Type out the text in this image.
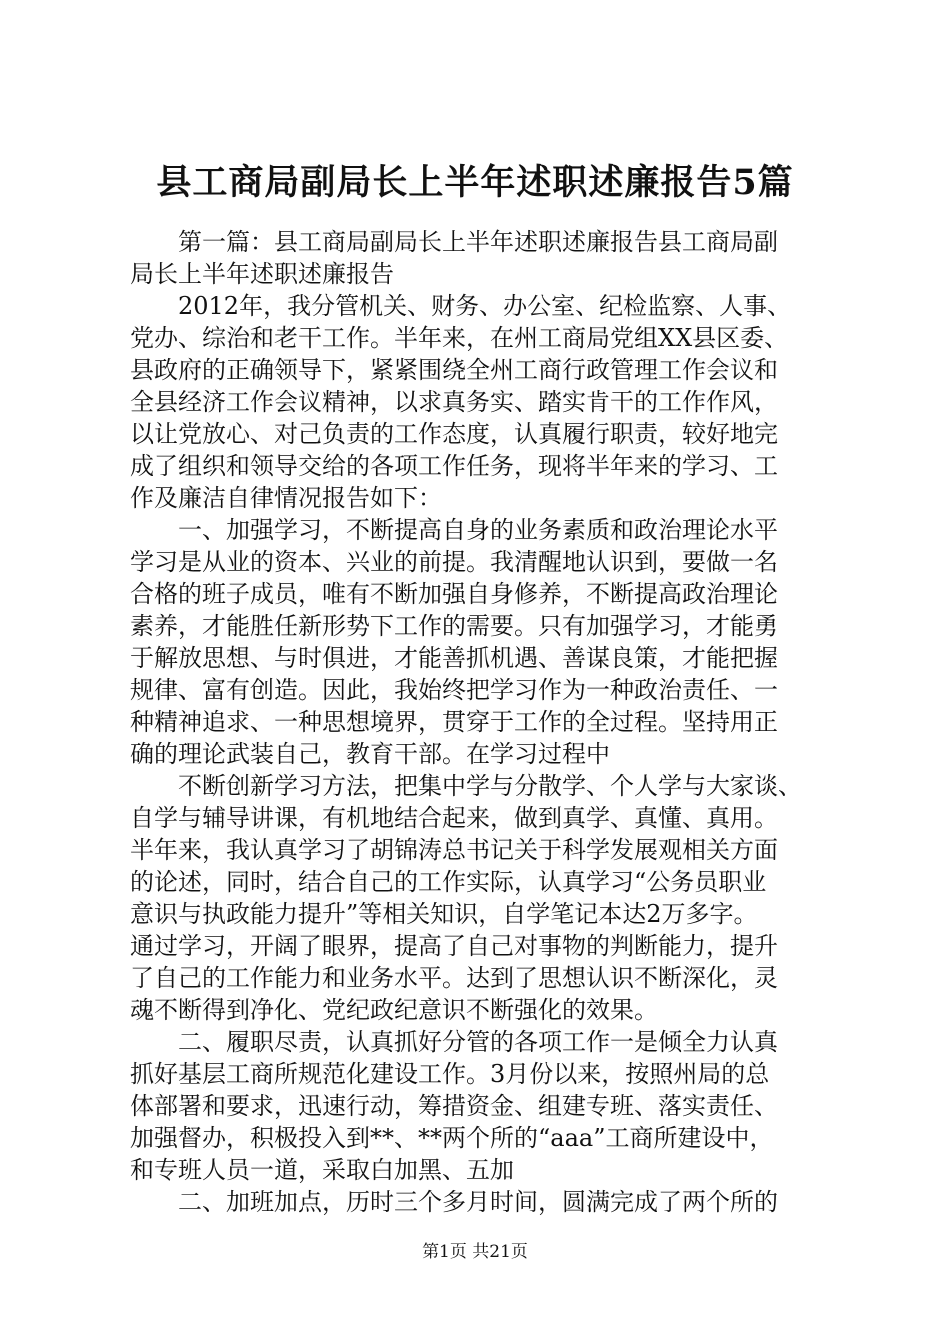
县工商局副局长上半年述职述廉报告5篇
第一篇：县工商局副局长上半年述职述廉报告县工商局副
局长上半年述职述廉报告
2012年，我分管机关、财务、办公室、纪检监察、人事、
党办、综治和老干工作。半年来，在州工商局党组XX县区委、
县政府的正确领导下，紧紧围绕全州工商行政管理工作会议和
全县经济工作会议精神，以求真务实、踏实肯干的工作作风，
以让党放心、对己负责的工作态度，认真履行职责，较好地完
成了组织和领导交给的各项工作任务，现将半年来的学习、工
作及廉洁自律情况报告如下：
一、加强学习，不断提高自身的业务素质和政治理论水平
学习是从业的资本、兴业的前提。我清醒地认识到，要做一名
合格的班子成员，唯有不断加强自身修养，不断提高政治理论
素养，才能胜任新形势下工作的需要。只有加强学习，才能勇
于解放思想、与时俱进，才能善抓机遇、善谋良策，才能把握
规律、富有创造。因此，我始终把学习作为一种政治责任、一
种精神追求、一种思想境界，贯穿于工作的全过程。坚持用正
确的理论武装自己，教育干部。在学习过程中
不断创新学习方法，把集中学与分散学、个人学与大家谈、
自学与辅导讲课，有机地结合起来，做到真学、真懂、真用。
半年来，我认真学习了胡锦涛总书记关于科学发展观相关方面
的论述，同时，结合自己的工作实际，认真学习“公务员职业
意识与执政能力提升”等相关知识，自学笔记本达2万多字。
通过学习，开阔了眼界，提高了自己对事物的判断能力，提升
了自己的工作能力和业务水平。达到了思想认识不断深化，灵
魂不断得到净化、党纪政纪意识不断强化的效果。
二、履职尽责，认真抓好分管的各项工作一是倾全力认真
抓好基层工商所规范化建设工作。3月份以来，按照州局的总
体部署和要求，迅速行动，筹措资金、组建专班、落实责任、
加强督办，积极投入到**、**两个所的“aaa”工商所建设中，
和专班人员一道，采取白加黑、五加
二、加班加点，历时三个多月时间，圆满完成了两个所的
第1页 共21页
